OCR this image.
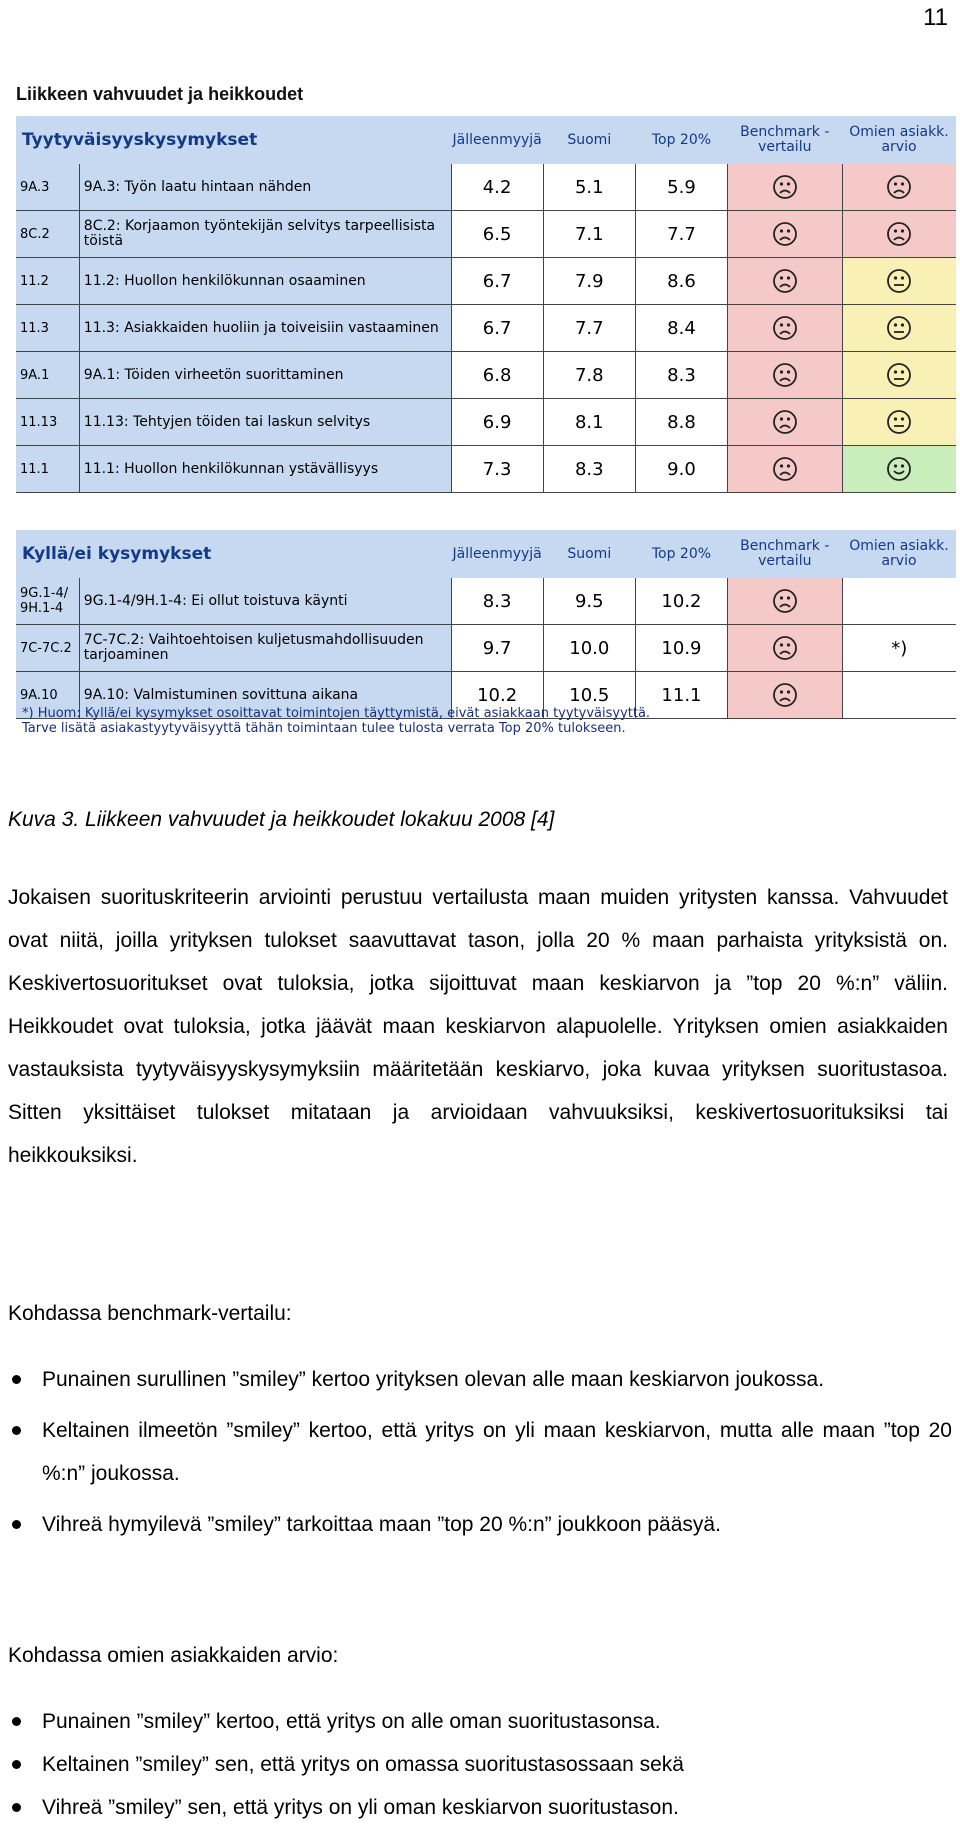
11
Liikkeen vahvuudet ja heikkoudet
Tyytyväisyyskysymykset		Jälleenmyyjä	Suomi	Top 20%	Benchmark - vertailu	Omien asiakk. arvio
9A.3	9A.3: Työn laatu hintaan nähden	4.2	5.1	5.9		
8C.2	8C.2: Korjaamon työntekijän selvitys tarpeellisista töistä	6.5	7.1	7.7		
11.2	11.2: Huollon henkilökunnan osaaminen	6.7	7.9	8.6		
11.3	11.3: Asiakkaiden huoliin ja toiveisiin vastaaminen	6.7	7.7	8.4		
9A.1	9A.1: Töiden virheetön suorittaminen	6.8	7.8	8.3		
11.13	11.13: Tehtyjen töiden tai laskun selvitys	6.9	8.1	8.8		
11.1	11.1: Huollon henkilökunnan ystävällisyys	7.3	8.3	9.0		
Kyllä/ei kysymykset		Jälleenmyyjä	Suomi	Top 20%	Benchmark - vertailu	Omien asiakk. arvio
9G.1-4/ 9H.1-4	9G.1-4/9H.1-4: Ei ollut toistuva käynti	8.3	9.5	10.2		
7C-7C.2	7C-7C.2: Vaihtoehtoisen kuljetusmahdollisuuden tarjoaminen	9.7	10.0	10.9		*)
9A.10	9A.10: Valmistuminen sovittuna aikana	10.2	10.5	11.1		
*) Huom: Kyllä/ei kysymykset osoittavat toimintojen täyttymistä, eivät asiakkaan tyytyväisyyttä.
Tarve lisätä asiakastyytyväisyyttä tähän toimintaan tulee tulosta verrata Top 20% tulokseen.
Kuva 3. Liikkeen vahvuudet ja heikkoudet lokakuu 2008 [4]
Jokaisen suorituskriteerin arviointi perustuu vertailusta maan muiden yritysten kanssa. Vahvuudet ovat niitä, joilla yrityksen tulokset saavuttavat tason, jolla 20 % maan parhaista yrityksistä on. Keskivertosuoritukset ovat tuloksia, jotka sijoittuvat maan keskiarvon ja ”top 20 %:n” väliin. Heikkoudet ovat tuloksia, jotka jäävät maan keskiarvon alapuolelle. Yrityksen omien asiakkaiden vastauksista tyytyväisyyskysymyksiin määritetään keskiarvo, joka kuvaa yrityksen suoritustasoa. Sitten yksittäiset tulokset mitataan ja arvioidaan vahvuuksiksi, keskivertosuorituksiksi tai heikkouksiksi.
Kohdassa benchmark-vertailu:
Punainen surullinen ”smiley” kertoo yrityksen olevan alle maan keskiarvon joukossa.
Keltainen ilmeetön ”smiley” kertoo, että yritys on yli maan keskiarvon, mutta alle maan ”top 20 %:n” joukossa.
Vihreä hymyilevä ”smiley” tarkoittaa maan ”top 20 %:n” joukkoon pääsyä.
Kohdassa omien asiakkaiden arvio:
Punainen ”smiley” kertoo, että yritys on alle oman suoritustasonsa.
Keltainen ”smiley” sen, että yritys on omassa suoritustasossaan sekä
Vihreä ”smiley” sen, että yritys on yli oman keskiarvon suoritustason.
